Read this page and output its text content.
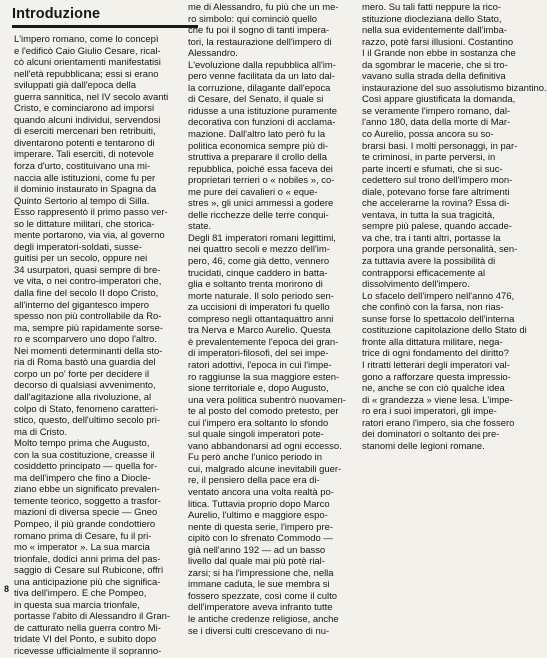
Introduzione
L'impero romano, come lo concepì
e l'edificò Caio Giulio Cesare, rical-
cò alcuni orientamenti manifestatisi
nell'età repubblicana; essi si erano
sviluppati già dall'epoca della
guerra sannitica, nel IV secolo avanti
Cristo, e cominciarono ad imporsi
quando alcuni individui, servendosi
di eserciti mercenari ben retribuiti,
diventarono potenti e tentarono di
imperare. Tali eserciti, di notevole
forza d'urto, costituivano una mi-
naccia alle istituzioni, come fu per
il dominio instaurato in Spagna da
Quinto Sertorio al tempo di Silla.
Esso rappresentò il primo passo ver-
so le dittature militari, che storica-
mente portarono, via via, al governo
degli imperatori-soldati, susse-
guitisi per un secolo, oppure nei
34 usurpatori, quasi sempre di bre-
ve vita, o nei contro-imperatori che,
dalla fine del secolo II dopo Cristo,
all'interno del gigantesco impero
spesso non più controllabile da Ro-
ma, sempre più rapidamente sorse-
ro e scomparvero uno dopo l'altro.
Nei momenti determinanti della sto-
ria di Roma bastò una guardia del
corpo un po' forte per decidere il
decorso di qualsiasi avvenimento,
dall'agitazione alla rivoluzione, al
colpo di Stato, fenomeno caratteri-
stico, questo, dell'ultimo secolo pri-
ma di Cristo.
Molto tempo prima che Augusto,
con la sua costituzione, creasse il
cosiddetto principato — quella for-
ma dell'impero che fino a Diocle-
ziano ebbe un significato prevalen-
temente teorico, soggetto a trasfor-
mazioni di diversa specie — Gneo
Pompeo, il più grande condottiero
romano prima di Cesare, fu il pri-
mo « imperator ». La sua marcia
trionfale, dodici anni prima del pas-
saggio di Cesare sul Rubicone, offrì
una anticipazione più che significa-
tiva dell'impero. E che Pompeo,
in questa sua marcia trionfale,
portasse l'abito di Alessandro il Gran-
de catturato nella guerra contro Mi-
tridate VI del Ponto, e subito dopo
ricevesse ufficialmente il sopranno-
me di Alessandro, fu più che un me-
ro simbolo: qui cominciò quello
che fu poi il sogno di tanti impera-
tori, la restaurazione dell'impero di
Alessandro.
L'evoluzione dalla repubblica all'im-
pero venne facilitata da un lato dal-
la corruzione, dilagante dall'epoca
di Cesare, del Senato, il quale si
ridusse a una istituzione puramente
decorativa con funzioni di acclama-
mazione. Dall'altro lato però fu la
politica economica sempre più di-
struttiva a preparare il crollo della
repubblica, poiché essa faceva dei
proprietari terrieri o « nobiles », co-
me pure dei cavalieri o « eque-
stres », gli unici ammessi a godere
delle ricchezze delle terre conqui-
state.
Degli 81 imperatori romani legittimi,
nei quattro secoli e mezzo dell'im-
pero, 46, come già detto, vennero
trucidati, cinque caddero in batta-
glia e soltanto trenta morirono di
morte naturale. Il solo periodo sen-
za uccisioni di imperatori fu quello
compreso negli ottantaquattro anni
tra Nerva e Marco Aurelio. Questa
è prevalentemente l'epoca dei gran-
di imperatori-filosofi, del sei impe-
ratori adottivi, l'epoca in cui l'impe-
ro raggiunse la sua maggiore esten-
sione territoriale e, dopo Augusto,
una vera politica subentrò nuovamen-
te al posto del comodo pretesto, per
cui l'impero era soltanto lo sfondo
sul quale singoli imperatori pote-
vano abbandonarsi ad ogni eccesso.
Fu però anche l'unico periodo in
cui, malgrado alcune inevitabili guer-
re, il pensiero della pace era di-
ventato ancora una volta realtà po-
litica. Tuttavia proprio dopo Marco
Aurelio, l'ultimo e maggiore espo-
nente di questa serie, l'impero pre-
cipitò con lo sfrenato Commodo —
già nell'anno 192 — ad un basso
livello dal quale mai più potè rial-
zarsi; si ha l'impressione che, nella
immane caduta, le sue membra si
fossero spezzate, così come il culto
dell'imperatore aveva infranto tutte
le antiche credenze religiose, anche
se i diversi culti crescevano di nu-
mero. Su tali fatti neppure la rico-
stituzione diocleziana dello Stato,
nella sua evidentemente dall'imba-
razzo, potè farsi illusioni. Costantino
I il Grande non ebbe in sostanza che
da sgombrar le macerie, che si tro-
vavano sulla strada della definitiva
instaurazione del suo assolutismo bizantino.
Così appare giustificata la domanda,
se veramente l'impero romano, dal-
l'anno 180, data della morte di Mar-
co Aurelio, possa ancora su so-
brarsi basi. I molti personaggi, in par-
te criminosi, in parte perversi, in
parte incerti e sfumati, che si suc-
cedettero sul trono dell'impero mon-
diale, potevano forse fare altrimenti
che accelerarne la rovina? Essa di-
ventava, in tutta la sua tragicità,
sempre più palese, quando accade-
va che, tra i tanti altri, portasse la
porpora una grande personalità, sen-
za tuttavia avere la possibilità di
contrapporsi efficacemente al
dissolvimento dell'impero.
Lo sfacelo dell'impero nell'anno 476,
che confinò con la farsa, non rias-
sunse forse lo spettacolo dell'interna
costituzione capitolazione dello Stato di
fronte alla dittatura militare, nega-
trice di ogni fondamento del diritto?
I ritratti letterari degli imperatori val-
gono a rafforzare questa impressio-
ne, anche se con ciò qualche idea
di « grandezza » viene lesa. L'impe-
ro era i suoi imperatori, gli impe-
ratori erano l'impero, sia che fossero
dei dominatori o soltanto dei pre-
stanomi delle legioni romane.
8
